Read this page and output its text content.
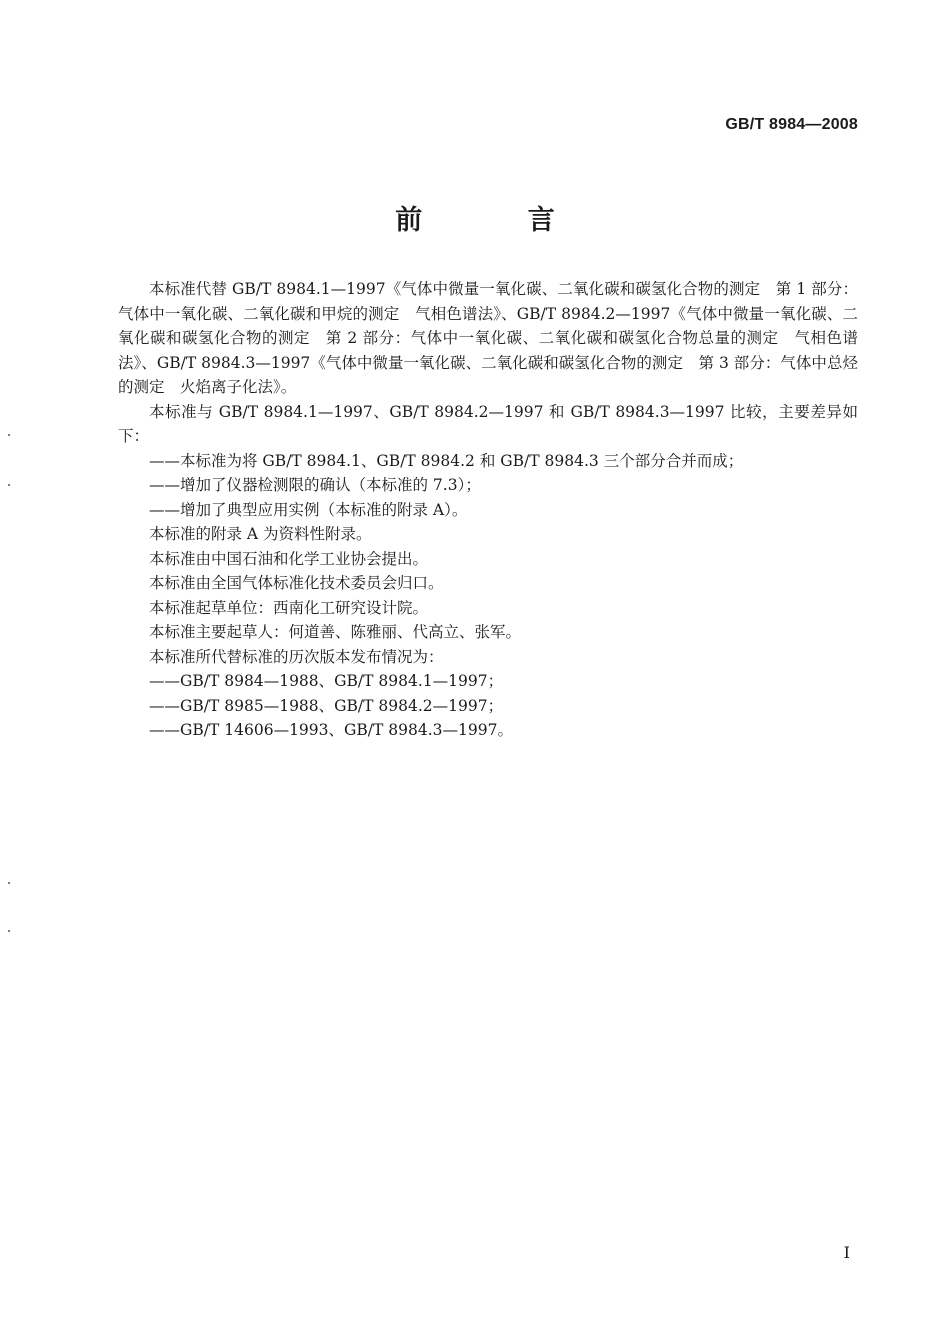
GB/T 8984—2008
前 言

本标准代替 GB/T 8984.1—1997《气体中微量一氧化碳、二氧化碳和碳氢化合物的测定　第 1 部分：气体中一氧化碳、二氧化碳和甲烷的测定　气相色谱法》、GB/T 8984.2—1997《气体中微量一氧化碳、二氧化碳和碳氢化合物的测定　第 2 部分：气体中一氧化碳、二氧化碳和碳氢化合物总量的测定　气相色谱法》、GB/T 8984.3—1997《气体中微量一氧化碳、二氧化碳和碳氢化合物的测定　第 3 部分：气体中总烃的测定　火焰离子化法》。

本标准与 GB/T 8984.1—1997、GB/T 8984.2—1997 和 GB/T 8984.3—1997 比较，主要差异如下：

——本标准为将 GB/T 8984.1、GB/T 8984.2 和 GB/T 8984.3 三个部分合并而成；

——增加了仪器检测限的确认（本标准的 7.3）；

——增加了典型应用实例（本标准的附录 A）。

本标准的附录 A 为资料性附录。

本标准由中国石油和化学工业协会提出。

本标准由全国气体标准化技术委员会归口。

本标准起草单位：西南化工研究设计院。

本标准主要起草人：何道善、陈雅丽、代高立、张军。

本标准所代替标准的历次版本发布情况为：

——GB/T 8984—1988、GB/T 8984.1—1997；

——GB/T 8985—1988、GB/T 8984.2—1997；

——GB/T 14606—1993、GB/T 8984.3—1997。

I
